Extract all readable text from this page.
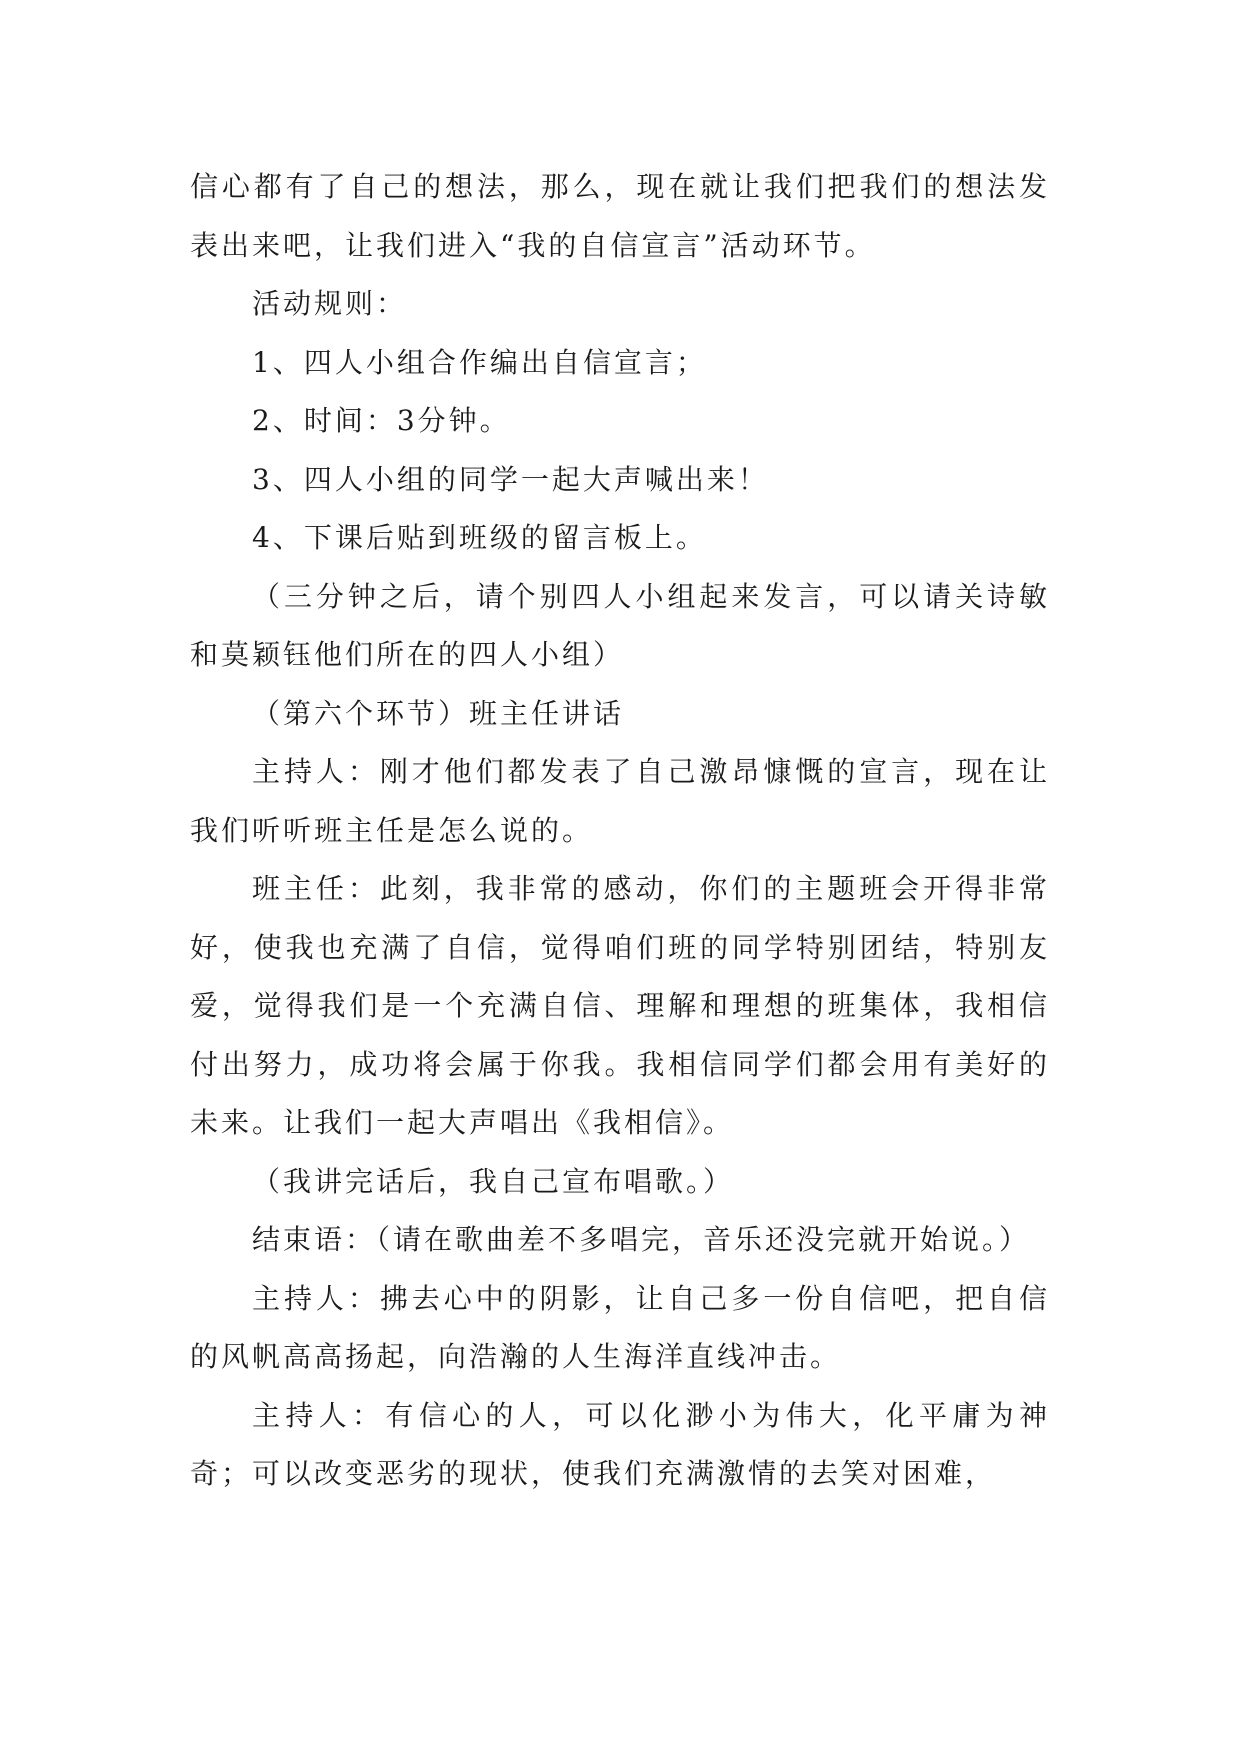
信心都有了自己的想法，那么，现在就让我们把我们的想法发表出来吧，让我们进入“我的自信宣言”活动环节。

活动规则：

1、四人小组合作编出自信宣言；

2、时间：3分钟。

3、四人小组的同学一起大声喊出来！

4、下课后贴到班级的留言板上。

（三分钟之后，请个别四人小组起来发言，可以请关诗敏和莫颖钰他们所在的四人小组）

（第六个环节）班主任讲话

主持人：刚才他们都发表了自己激昂慷慨的宣言，现在让我们听听班主任是怎么说的。

班主任：此刻，我非常的感动，你们的主题班会开得非常好，使我也充满了自信，觉得咱们班的同学特别团结，特别友爱，觉得我们是一个充满自信、理解和理想的班集体，我相信付出努力，成功将会属于你我。我相信同学们都会用有美好的未来。让我们一起大声唱出《我相信》。

（我讲完话后，我自己宣布唱歌。）

结束语：（请在歌曲差不多唱完，音乐还没完就开始说。）

主持人：拂去心中的阴影，让自己多一份自信吧，把自信的风帆高高扬起，向浩瀚的人生海洋直线冲击。

主持人：有信心的人，可以化渺小为伟大，化平庸为神奇；可以改变恶劣的现状，使我们充满激情的去笑对困难，
